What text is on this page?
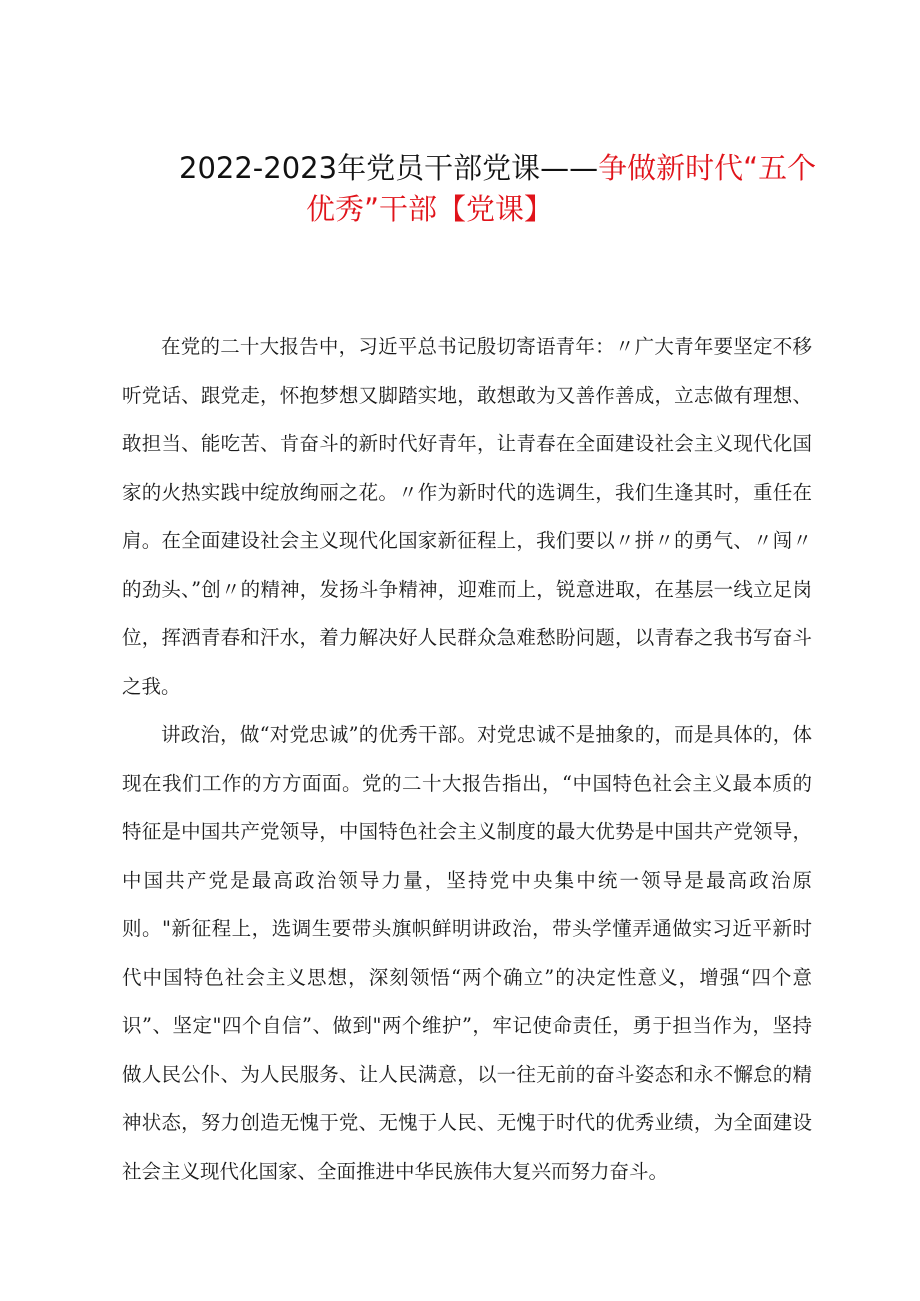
2022-2023年党员干部党课——争做新时代“五个
优秀”干部【党课】

在党的二十大报告中，习近平总书记殷切寄语青年：〃广大青年要坚定不移听党话、跟党走，怀抱梦想又脚踏实地，敢想敢为又善作善成，立志做有理想、敢担当、能吃苦、肯奋斗的新时代好青年，让青春在全面建设社会主义现代化国家的火热实践中绽放绚丽之花。〃作为新时代的选调生，我们生逢其时，重任在肩。在全面建设社会主义现代化国家新征程上，我们要以〃拼〃的勇气、〃闯〃的劲头、”创〃的精神，发扬斗争精神，迎难而上，锐意进取，在基层一线立足岗位，挥洒青春和汗水，着力解决好人民群众急难愁盼问题，以青春之我书写奋斗之我。

讲政治，做“对党忠诚”的优秀干部。对党忠诚不是抽象的，而是具体的，体现在我们工作的方方面面。党的二十大报告指出，“中国特色社会主义最本质的特征是中国共产党领导，中国特色社会主义制度的最大优势是中国共产党领导，中国共产党是最高政治领导力量，坚持党中央集中统一领导是最高政治原则。"新征程上，选调生要带头旗帜鲜明讲政治，带头学懂弄通做实习近平新时代中国特色社会主义思想，深刻领悟“两个确立”的决定性意义，增强“四个意识”、坚定"四个自信”、做到"两个维护”，牢记使命责任，勇于担当作为，坚持做人民公仆、为人民服务、让人民满意，以一往无前的奋斗姿态和永不懈怠的精神状态，努力创造无愧于党、无愧于人民、无愧于时代的优秀业绩，为全面建设社会主义现代化国家、全面推进中华民族伟大复兴而努力奋斗。
